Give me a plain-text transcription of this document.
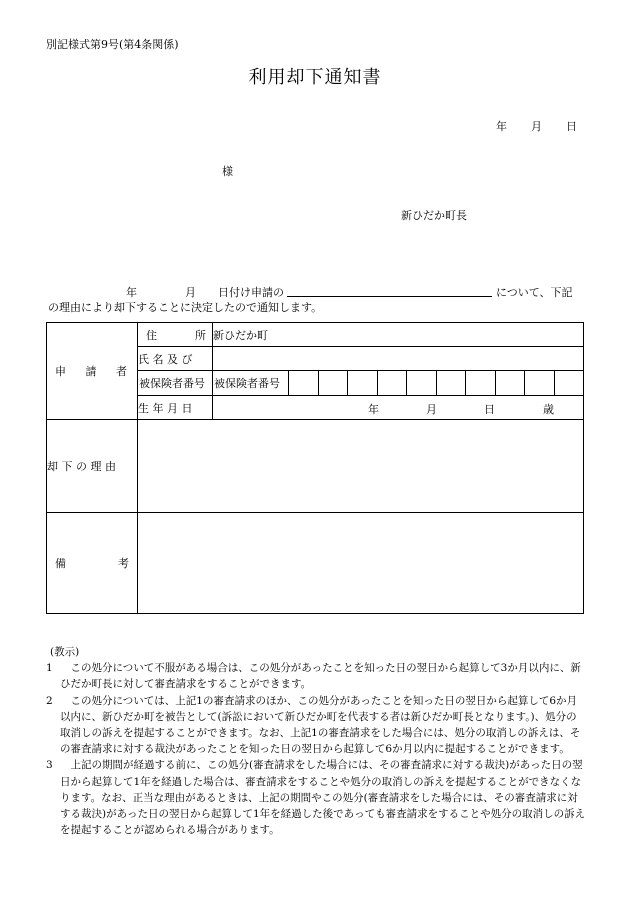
別記様式第9号(第4条関係)
利用却下通知書
年 月 日
様
新ひだか町長
年	月 日付け申請の	について、下記
の理由により却下することに決定したので通知します。
申 請 者	住 所	新ひだか町
	氏 名 及 び	
	被保険者番号	被保険者番号

	生 年 月 日	年 月 日 歳

却 下 の 理 由		

備 考		

(教示)
1	この処分について不服がある場合は、この処分があったことを知った日の翌日から起算して3か月以内に、新ひだか町長に対して審査請求をすることができます。
2	この処分については、上記1の審査請求のほか、この処分があったことを知った日の翌日から起算して6か月以内に、新ひだか町を被告として(訴訟において新ひだか町を代表する者は新ひだか町長となります。)、処分の取消しの訴えを提起することができます。なお、上記1の審査請求をした場合には、処分の取消しの訴えは、その審査請求に対する裁決があったことを知った日の翌日から起算して6か月以内に提起することができます。
3	上記の期間が経過する前に、この処分(審査請求をした場合には、その審査請求に対する裁決)があった日の翌日から起算して1年を経過した場合は、審査請求をすることや処分の取消しの訴えを提起することができなくなります。なお、正当な理由があるときは、上記の期間やこの処分(審査請求をした場合には、その審査請求に対する裁決)があった日の翌日から起算して1年を経過した後であっても審査請求をすることや処分の取消しの訴えを提起することが認められる場合があります。
